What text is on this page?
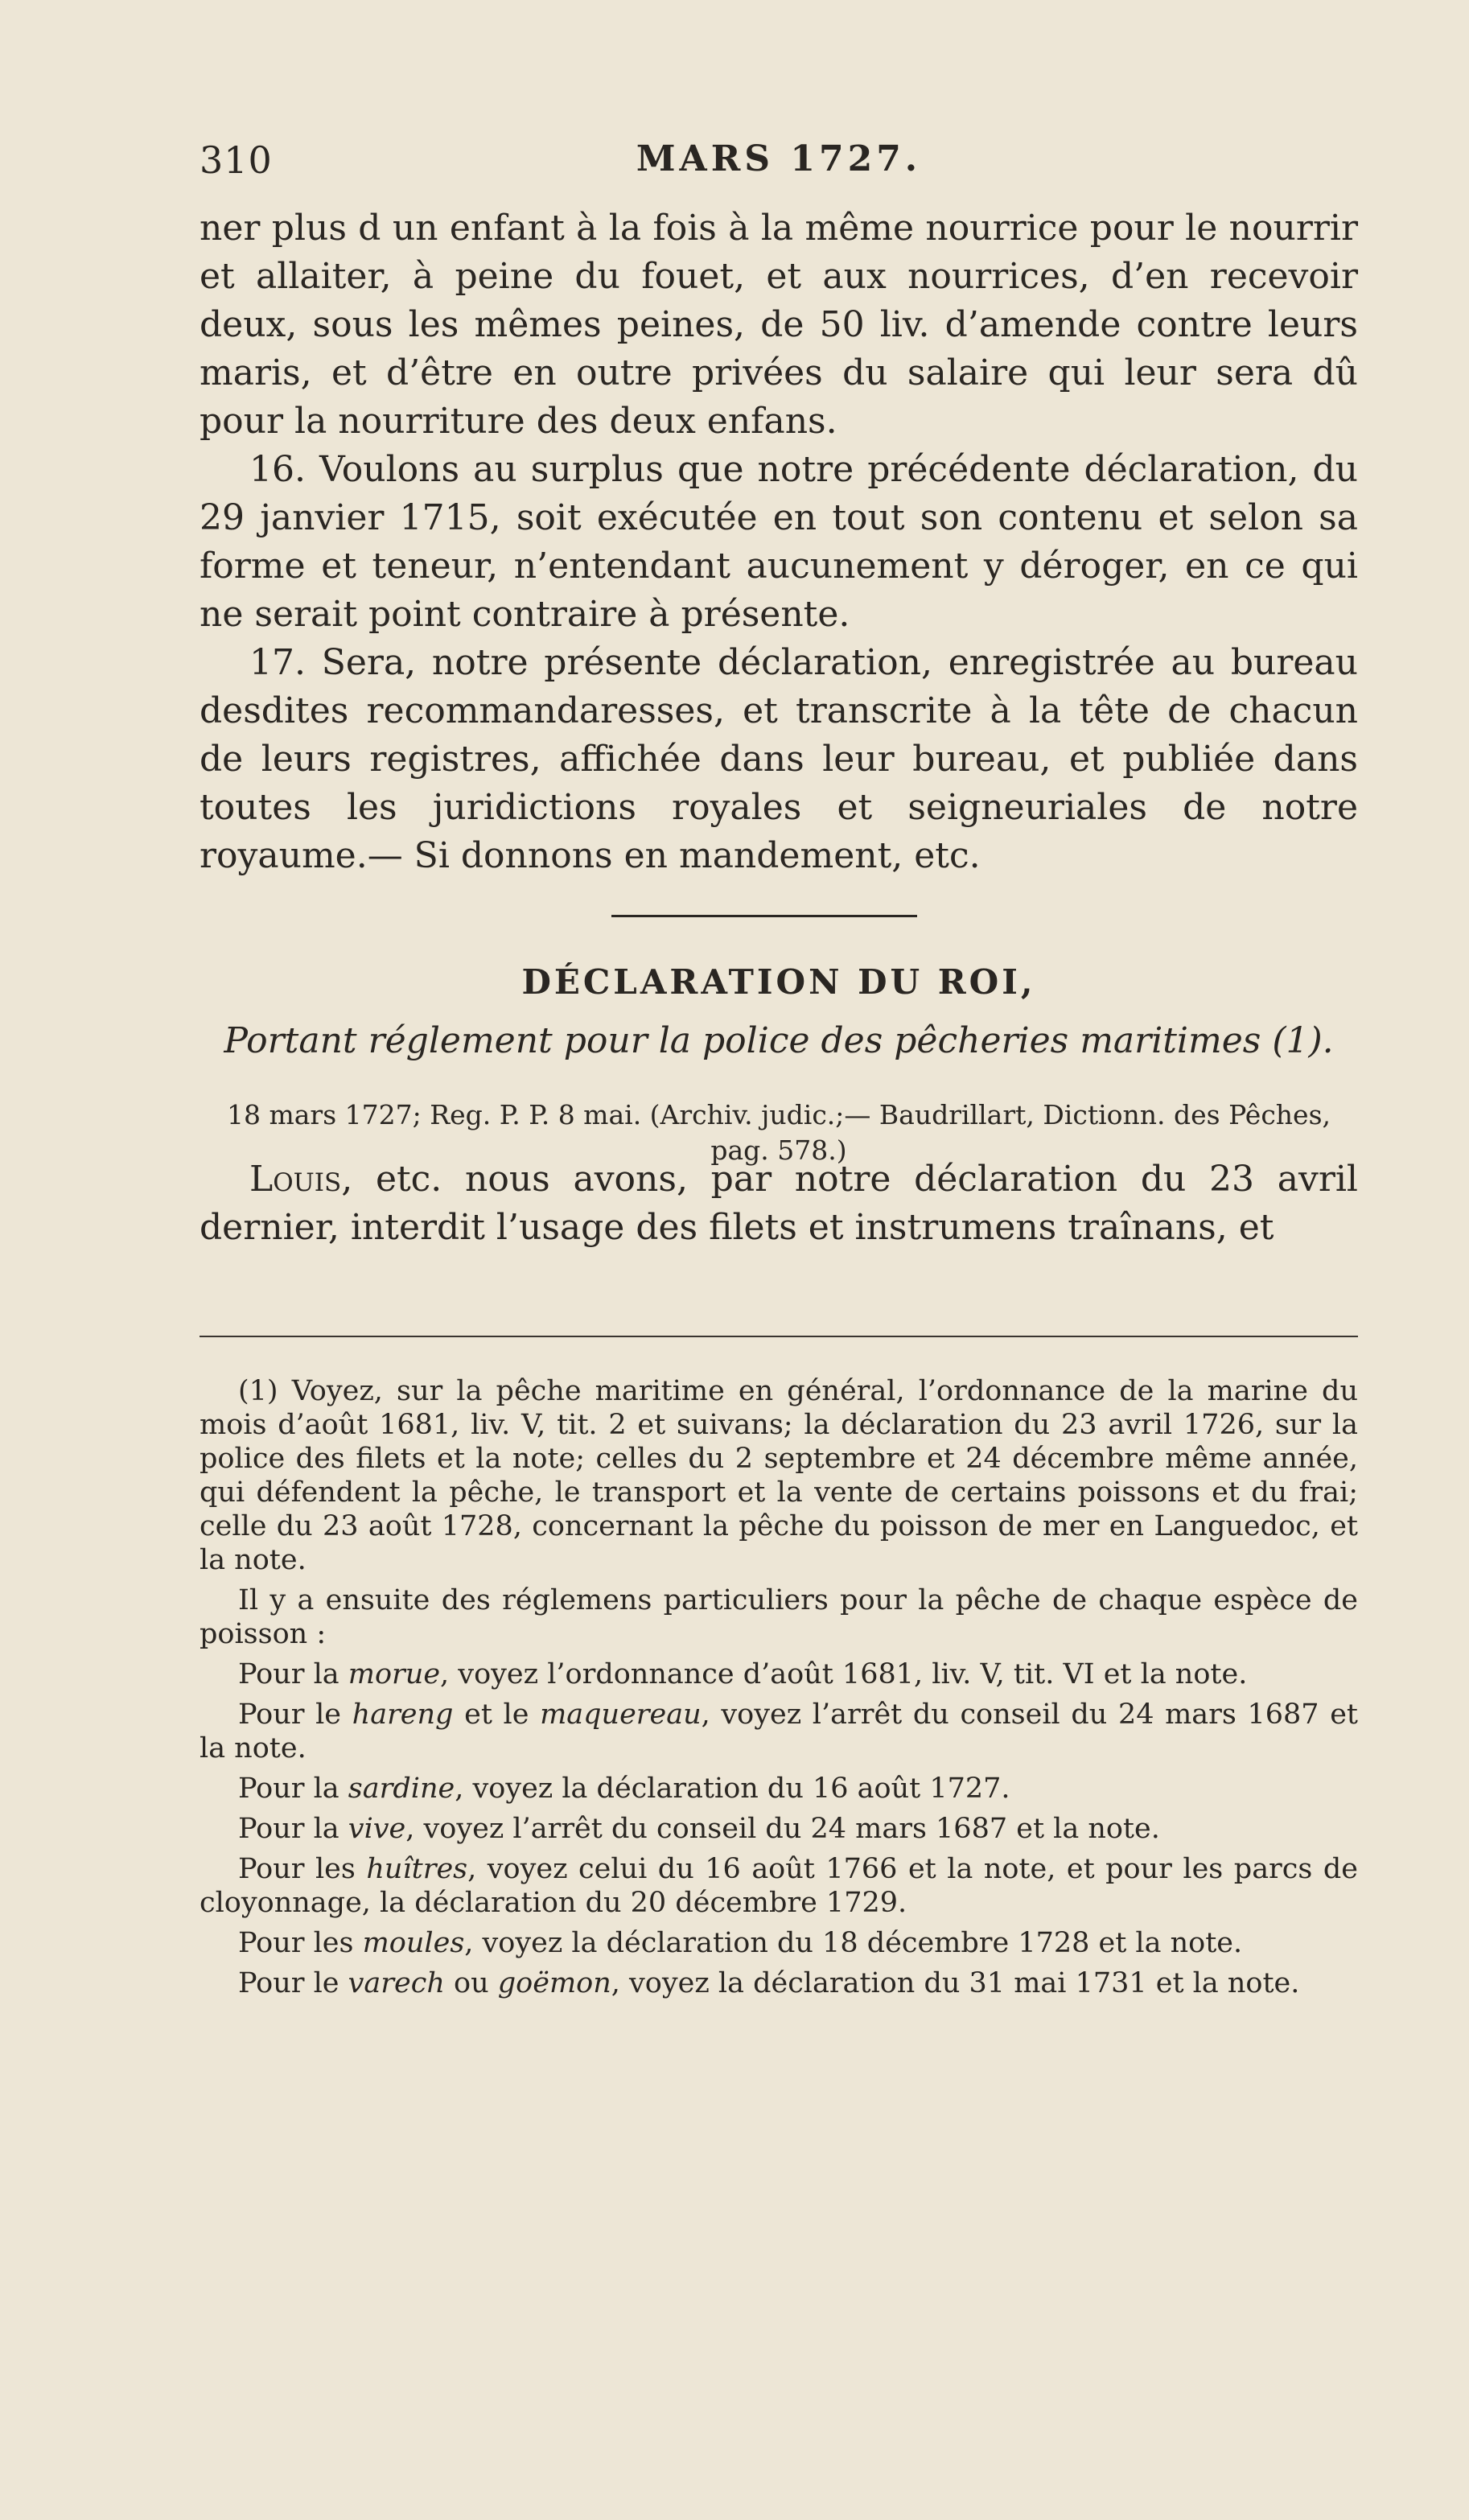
310	MARS 1727.

ner plus d un enfant à la fois à la même nourrice pour le nourrir et allaiter, à peine du fouet, et aux nourrices, d’en recevoir deux, sous les mêmes peines, de 50 liv. d’amende contre leurs maris, et d’être en outre privées du salaire qui leur sera dû pour la nourriture des deux enfans.

16. Voulons au surplus que notre précédente déclaration, du 29 janvier 1715, soit exécutée en tout son contenu et selon sa forme et teneur, n’entendant aucunement y déroger, en ce qui ne serait point contraire à présente.

17. Sera, notre présente déclaration, enregistrée au bureau desdites recommandaresses, et transcrite à la tête de chacun de leurs registres, affichée dans leur bureau, et publiée dans toutes les juridictions royales et seigneuriales de notre royaume.— Si donnons en mandement, etc.

DÉCLARATION DU ROI,
Portant réglement pour la police des pêcheries maritimes (1).
18 mars 1727; Reg. P. P. 8 mai. (Archiv. judic.;— Baudrillart, Dictionn. des Pêches, pag. 578.)

Louis, etc. nous avons, par notre déclaration du 23 avril dernier, interdit l’usage des filets et instrumens traînans, et

(1) Voyez, sur la pêche maritime en général, l’ordonnance de la marine du mois d’août 1681, liv. V, tit. 2 et suivans; la déclaration du 23 avril 1726, sur la police des filets et la note; celles du 2 septembre et 24 décembre même année, qui défendent la pêche, le transport et la vente de certains poissons et du frai; celle du 23 août 1728, concernant la pêche du poisson de mer en Languedoc, et la note.

Il y a ensuite des réglemens particuliers pour la pêche de chaque espèce de poisson :

Pour la morue, voyez l’ordonnance d’août 1681, liv. V, tit. VI et la note.

Pour le hareng et le maquereau, voyez l’arrêt du conseil du 24 mars 1687 et la note.

Pour la sardine, voyez la déclaration du 16 août 1727.

Pour la vive, voyez l’arrêt du conseil du 24 mars 1687 et la note.

Pour les huîtres, voyez celui du 16 août 1766 et la note, et pour les parcs de cloyonnage, la déclaration du 20 décembre 1729.

Pour les moules, voyez la déclaration du 18 décembre 1728 et la note.

Pour le varech ou goëmon, voyez la déclaration du 31 mai 1731 et la note.
